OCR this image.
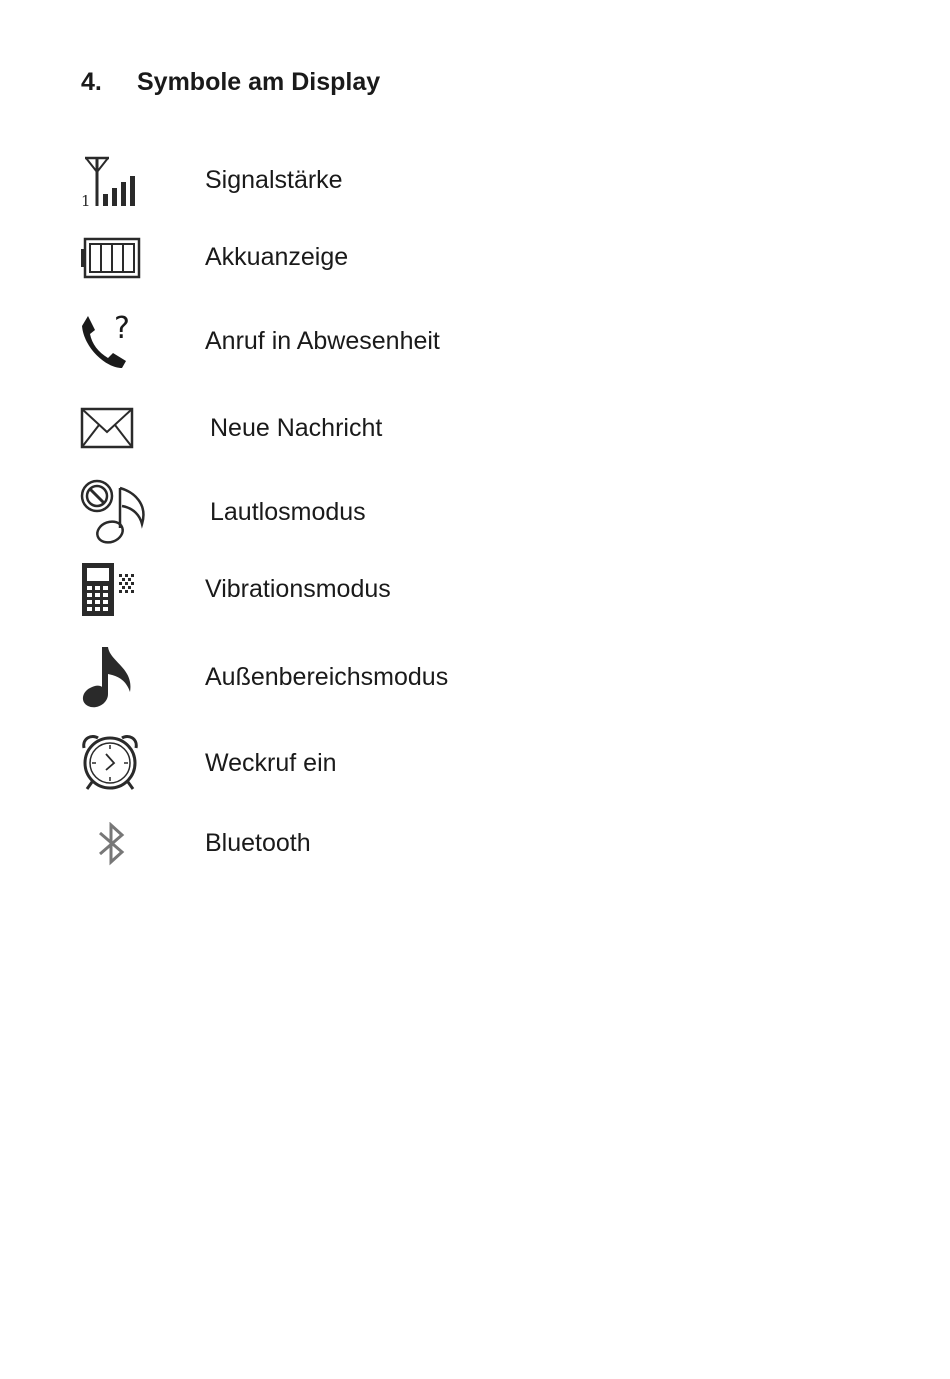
4. Symbole am Display
1
Signalstärke
Akkuanzeige
?	Anruf in Abwesenheit
Neue Nachricht
Lautlosmodus
Vibrationsmodus
Außenbereichsmodus
Weckruf ein
Bluetooth
